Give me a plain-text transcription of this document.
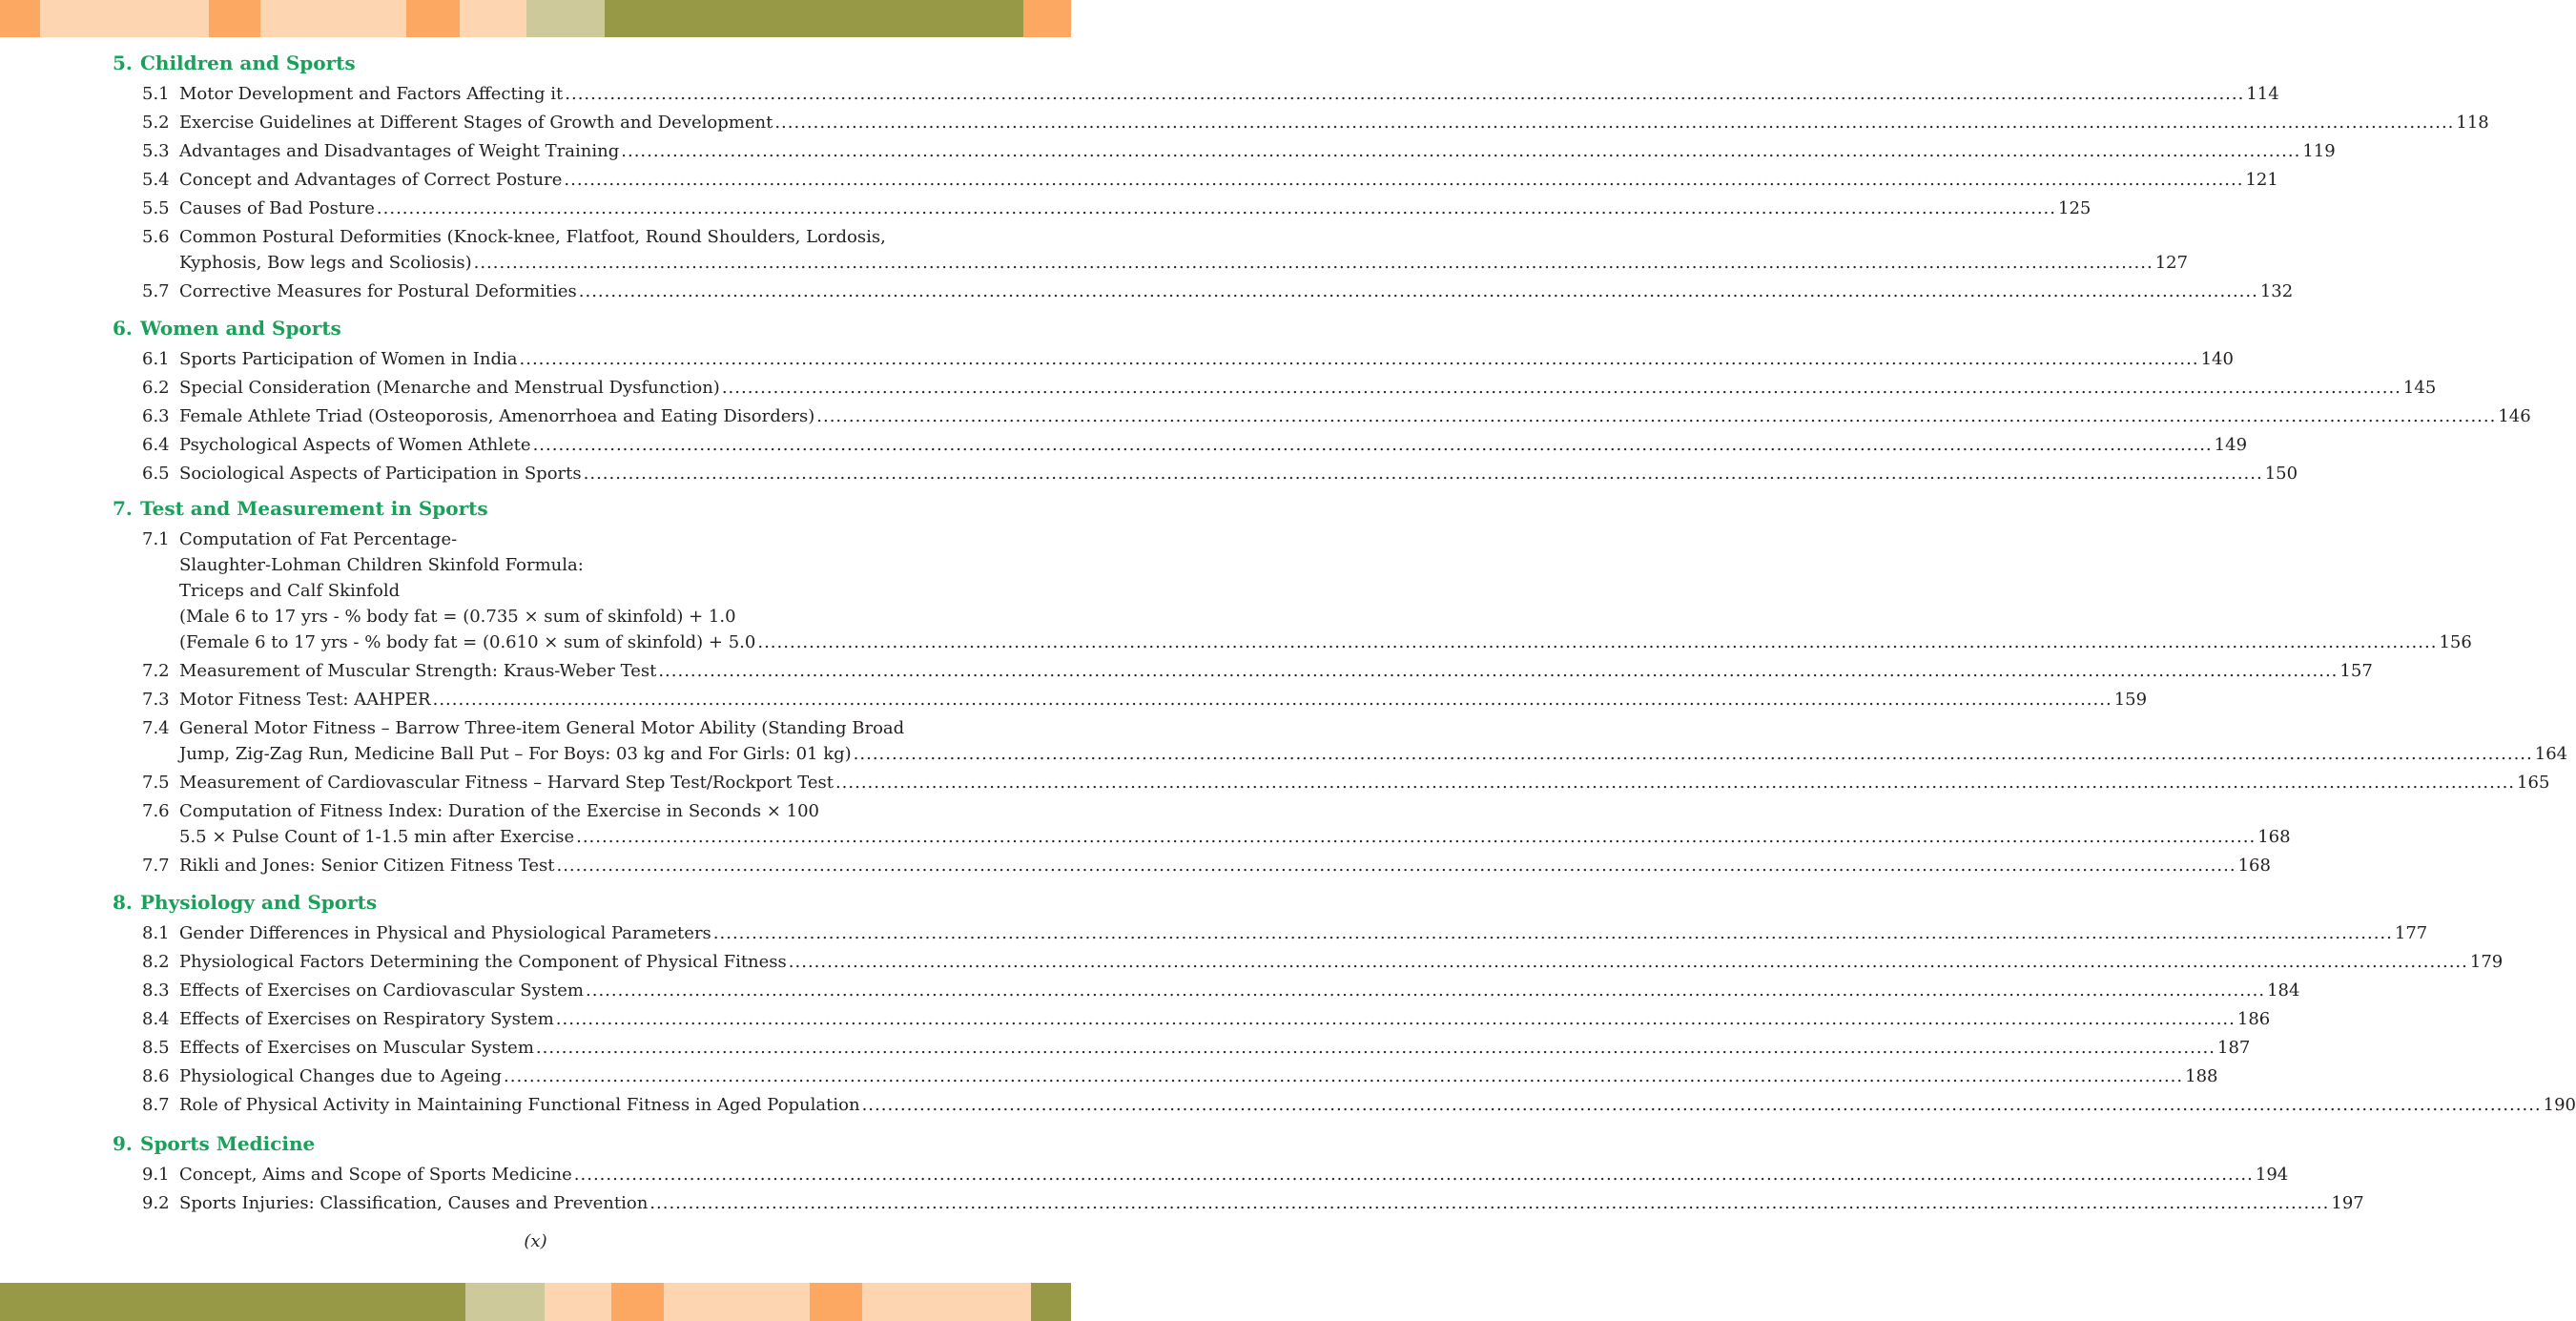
5. Children and Sports
5.1 Motor Development and Factors Affecting it .....	114
5.2 Exercise Guidelines at Different Stages of Growth and Development .....	118
5.3 Advantages and Disadvantages of Weight Training .....	119
5.4 Concept and Advantages of Correct Posture .....	121
5.5 Causes of Bad Posture .....	125
5.6 Common Postural Deformities (Knock-knee, Flatfoot, Round Shoulders, Lordosis,
Kyphosis, Bow legs and Scoliosis) .....	127
5.7 Corrective Measures for Postural Deformities .....	132
6. Women and Sports
6.1 Sports Participation of Women in India .....	140
6.2 Special Consideration (Menarche and Menstrual Dysfunction) .....	145
6.3 Female Athlete Triad (Osteoporosis, Amenorrhoea and Eating Disorders) .....	146
6.4 Psychological Aspects of Women Athlete .....	149
6.5 Sociological Aspects of Participation in Sports .....	150
7. Test and Measurement in Sports
7.1 Computation of Fat Percentage-
Slaughter-Lohman Children Skinfold Formula:
Triceps and Calf Skinfold
(Male 6 to 17 yrs - % body fat = (0.735 × sum of skinfold) + 1.0
(Female 6 to 17 yrs - % body fat = (0.610 × sum of skinfold) + 5.0 .....	156
7.2 Measurement of Muscular Strength: Kraus-Weber Test .....	157
7.3 Motor Fitness Test: AAHPER .....	159
7.4 General Motor Fitness – Barrow Three-item General Motor Ability (Standing Broad
Jump, Zig-Zag Run, Medicine Ball Put – For Boys: 03 kg and For Girls: 01 kg) .....	164
7.5 Measurement of Cardiovascular Fitness – Harvard Step Test/Rockport Test .....	165
7.6 Computation of Fitness Index: Duration of the Exercise in Seconds × 100
5.5 × Pulse Count of 1-1.5 min after Exercise .....	168
7.7 Rikli and Jones: Senior Citizen Fitness Test .....	168
8. Physiology and Sports
8.1 Gender Differences in Physical and Physiological Parameters .....	177
8.2 Physiological Factors Determining the Component of Physical Fitness .....	179
8.3 Effects of Exercises on Cardiovascular System .....	184
8.4 Effects of Exercises on Respiratory System .....	186
8.5 Effects of Exercises on Muscular System .....	187
8.6 Physiological Changes due to Ageing .....	188
8.7 Role of Physical Activity in Maintaining Functional Fitness in Aged Population .....	190
9. Sports Medicine
9.1 Concept, Aims and Scope of Sports Medicine .....	194
9.2 Sports Injuries: Classification, Causes and Prevention .....	197
(x)
